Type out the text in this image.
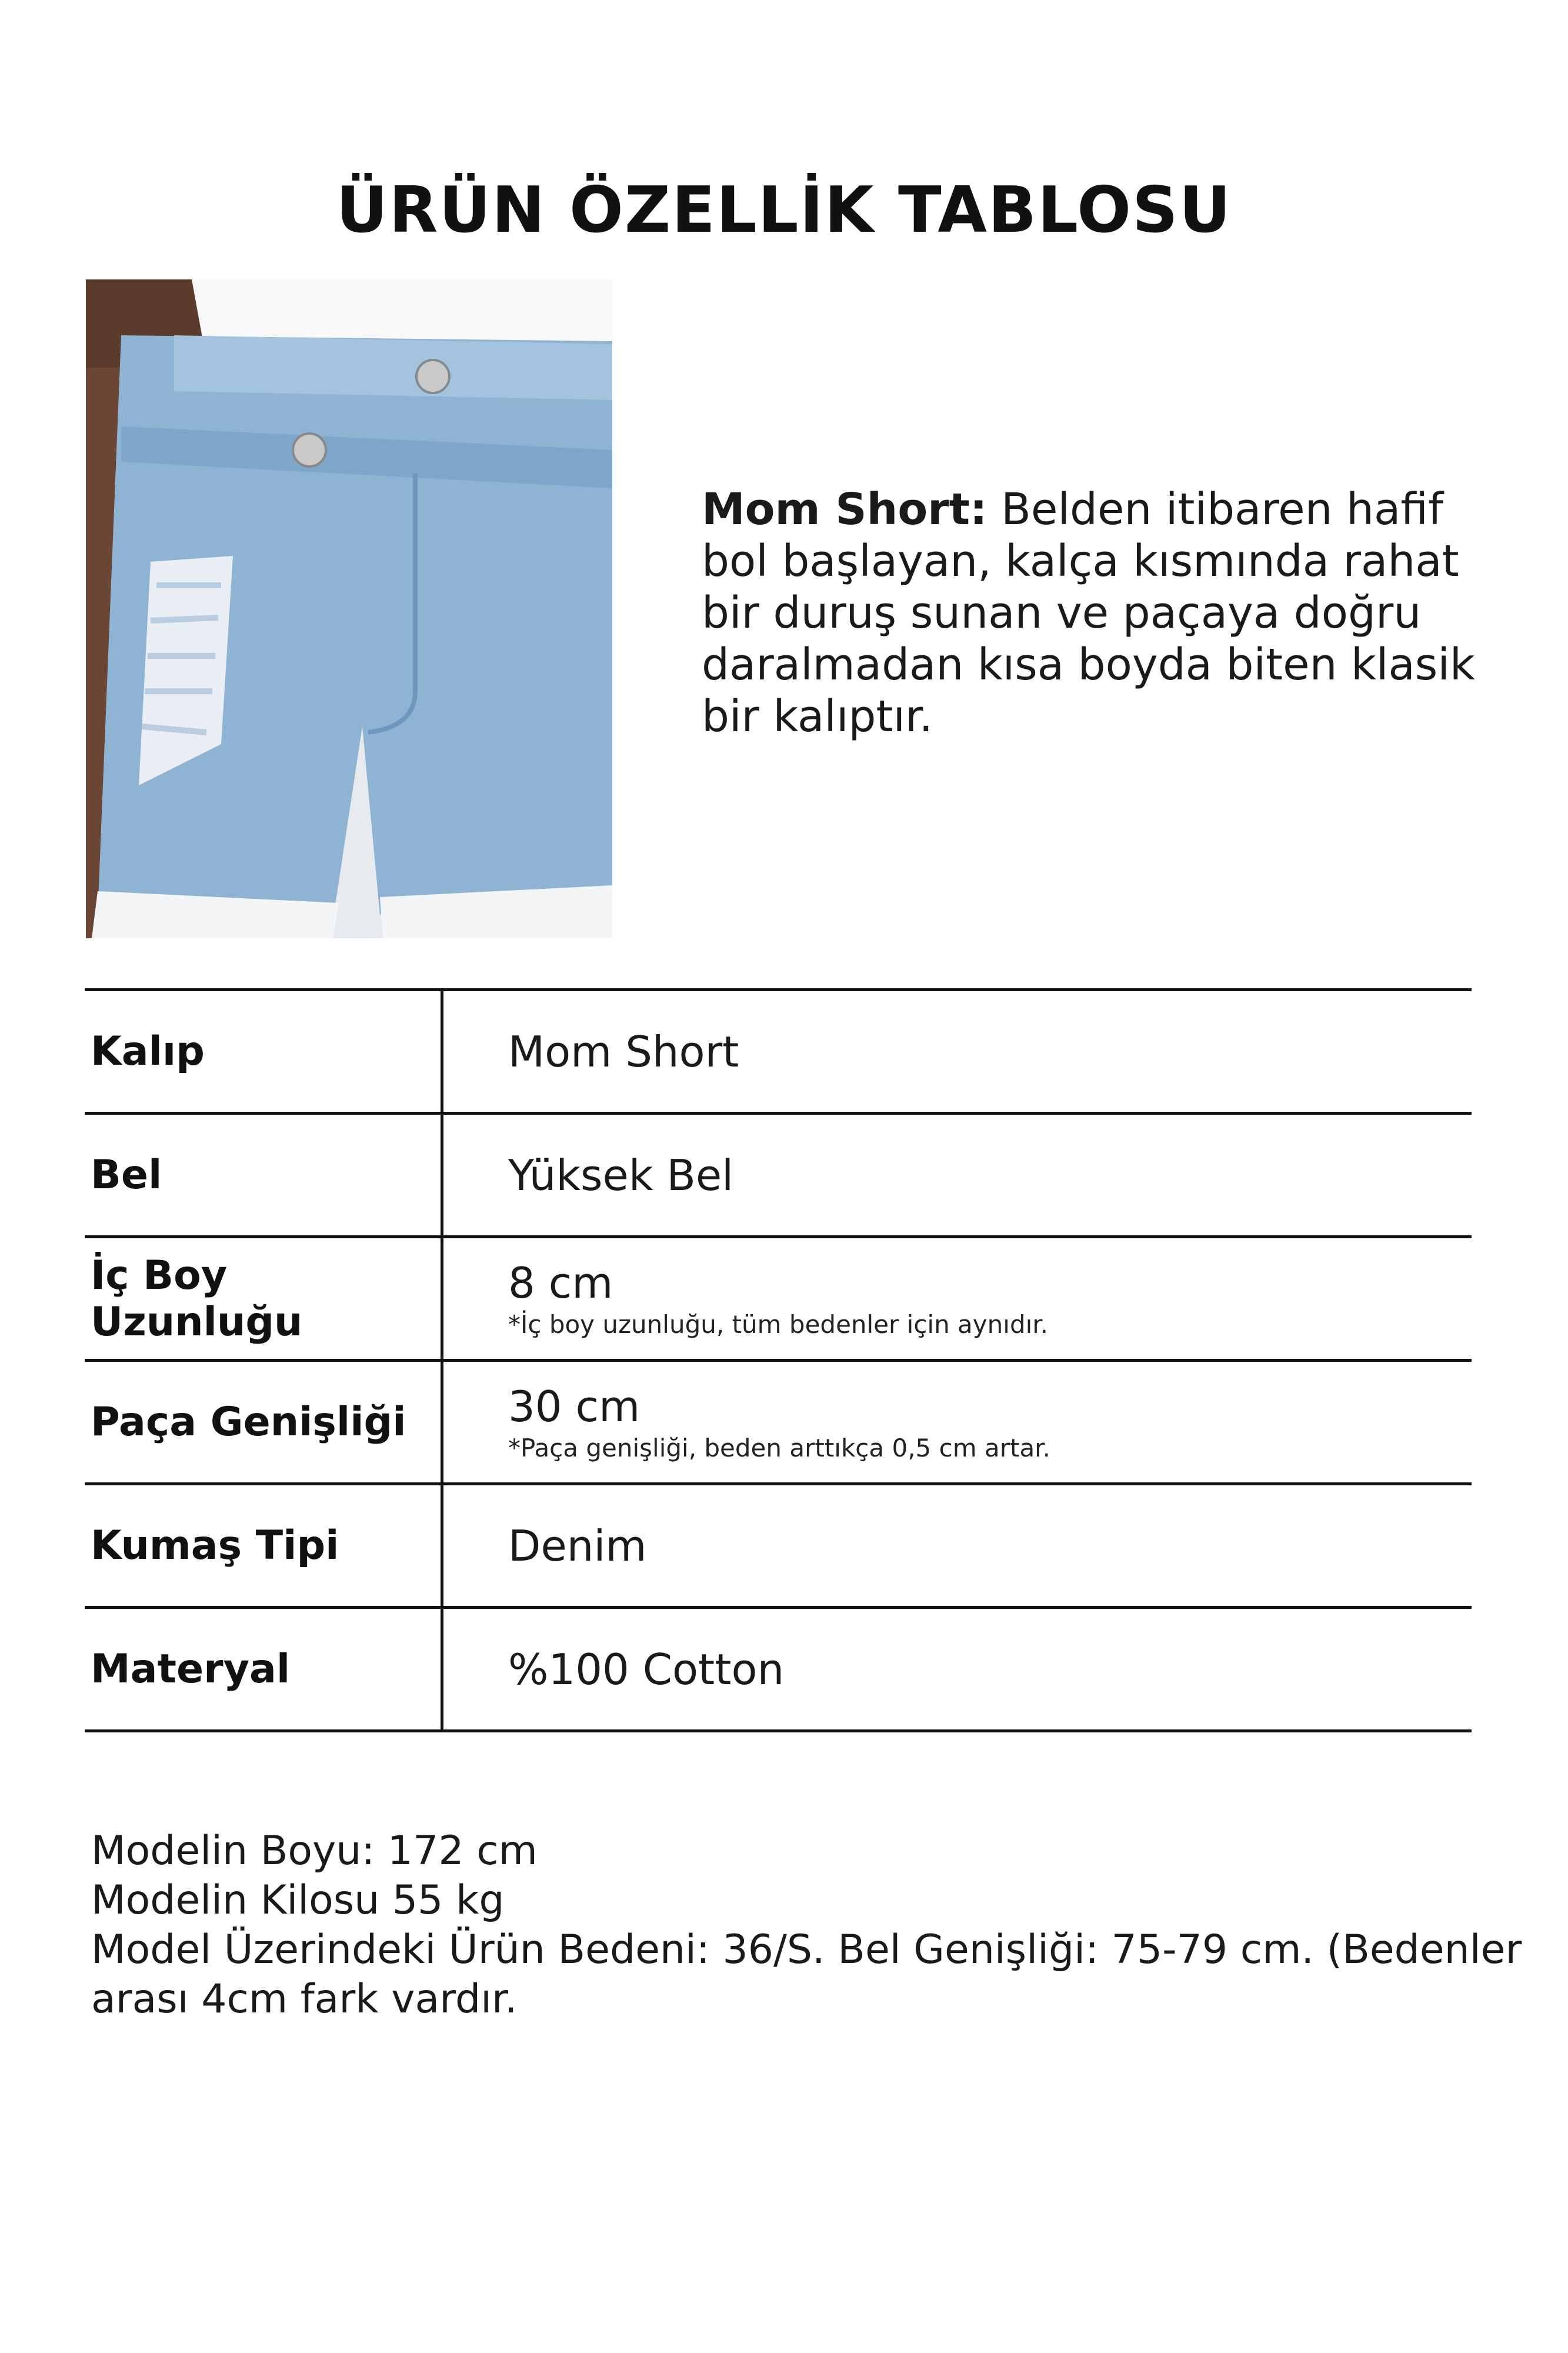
ÜRÜN ÖZELLİK TABLOSU
Mom Short: Belden itibaren hafif bol başlayan, kalça kısmında rahat bir duruş sunan ve paçaya doğru daralmadan kısa boyda biten klasik bir kalıptır.
Kalıp	Mom Short
Bel	Yüksek Bel
İç Boy Uzunluğu	8 cm
*İç boy uzunluğu, tüm bedenler için aynıdır.

Paça Genişliği	30 cm
*Paça genişliği, beden arttıkça 0,5 cm artar.

Kumaş Tipi	Denim
Materyal	%100 Cotton
Modelin Boyu: 172 cm
Modelin Kilosu 55 kg
Model Üzerindeki Ürün Bedeni: 36/S. Bel Genişliği: 75-79 cm. (Bedenler
arası 4cm fark vardır.
